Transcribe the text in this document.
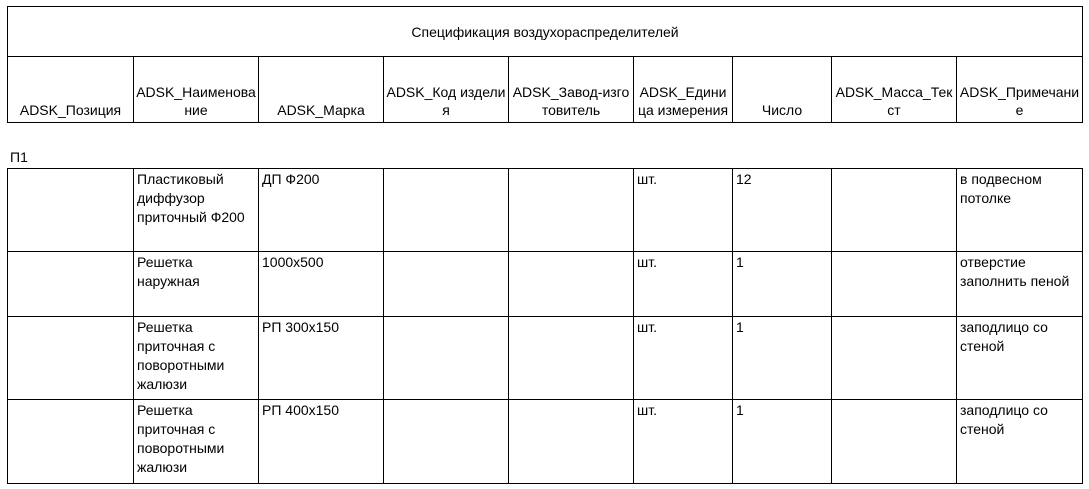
Спецификация воздухораспределителей
ADSK_Позиция	ADSK_Наименование	ADSK_Марка	ADSK_Код изделия	ADSK_Завод-изготовитель	ADSK_Единица измерения	Число	ADSK_Масса_Текст	ADSK_Примечание
П1
	Пластиковый диффузор приточный Ф200	ДП Ф200			шт.	12		в подвесном потолке
	Решетка наружная	1000х500			шт.	1		отверстие заполнить пеной
	Решетка приточная с поворотными жалюзи	РП 300х150			шт.	1		заподлицо со стеной
	Решетка приточная с поворотными жалюзи	РП 400х150			шт.	1		заподлицо со стеной
